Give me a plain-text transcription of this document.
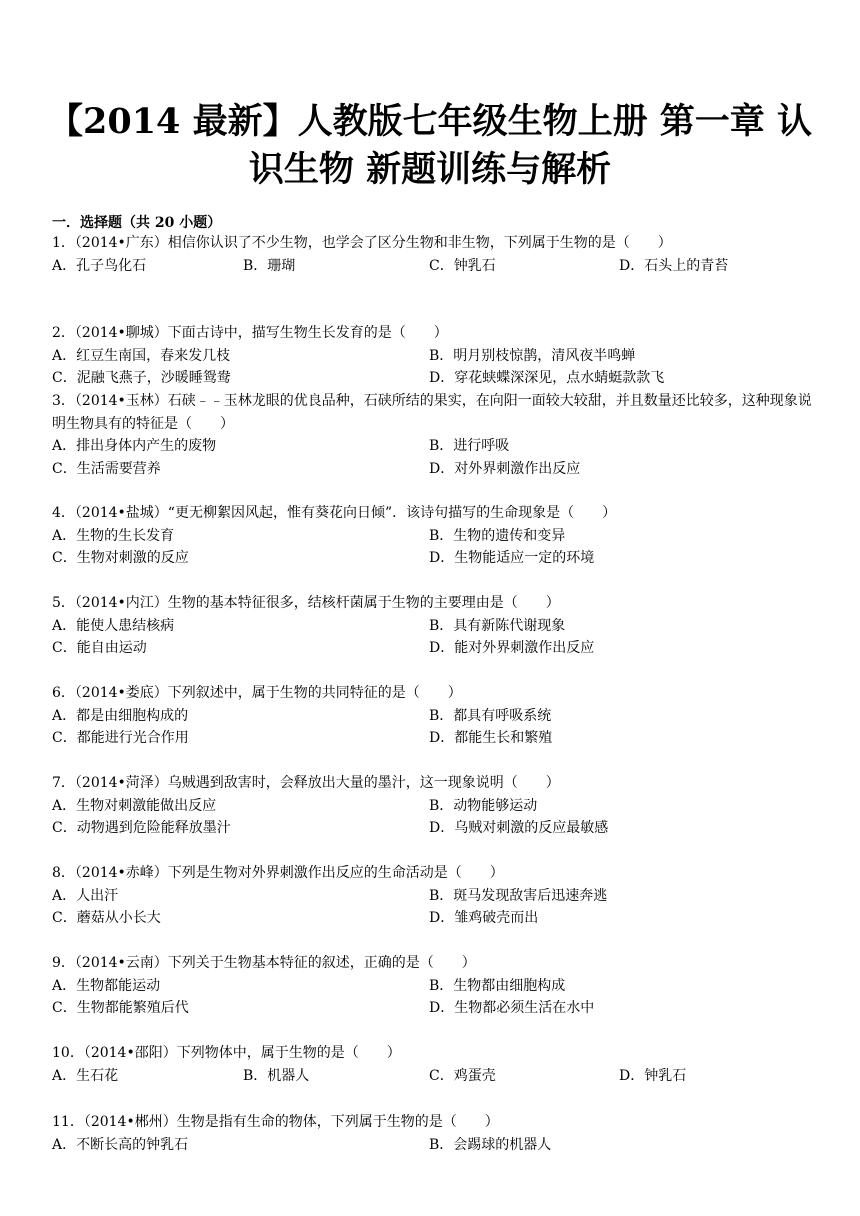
【2014 最新】人教版七年级生物上册 第一章 认
识生物 新题训练与解析
一．选择题（共 20 小题）
1．（2014•广东）相信你认识了不少生物，也学会了区分生物和非生物，下列属于生物的是（　　）
A．孔子鸟化石	B．珊瑚	C．钟乳石	D．石头上的青苔
2．（2014•聊城）下面古诗中，描写生物生长发育的是（　　）
A．红豆生南国，春来发几枝	B．明月别枝惊鹊，清风夜半鸣蝉
C．泥融飞燕子，沙暖睡鸳鸯	D．穿花蛱蝶深深见，点水蜻蜓款款飞
3．（2014•玉林）石硖﹣﹣玉林龙眼的优良品种，石硖所结的果实，在向阳一面较大较甜，并且数量还比较多，这种现象说明生物具有的特征是（　　）
A．排出身体内产生的废物	B．进行呼吸
C．生活需要营养	D．对外界刺激作出反应
4．（2014•盐城）“更无柳絮因风起，惟有葵花向日倾”．该诗句描写的生命现象是（　　）
A．生物的生长发育	B．生物的遗传和变异
C．生物对刺激的反应	D．生物能适应一定的环境
5．（2014•内江）生物的基本特征很多，结核杆菌属于生物的主要理由是（　　）
A．能使人患结核病	B．具有新陈代谢现象
C．能自由运动	D．能对外界刺激作出反应
6．（2014•娄底）下列叙述中，属于生物的共同特征的是（　　）
A．都是由细胞构成的	B．都具有呼吸系统
C．都能进行光合作用	D．都能生长和繁殖
7．（2014•菏泽）乌贼遇到敌害时，会释放出大量的墨汁，这一现象说明（　　）
A．生物对刺激能做出反应	B．动物能够运动
C．动物遇到危险能释放墨汁	D．乌贼对刺激的反应最敏感
8．（2014•赤峰）下列是生物对外界刺激作出反应的生命活动是（　　）
A．人出汗	B．斑马发现敌害后迅速奔逃
C．蘑菇从小长大	D．雏鸡破壳而出
9．（2014•云南）下列关于生物基本特征的叙述，正确的是（　　）
A．生物都能运动	B．生物都由细胞构成
C．生物都能繁殖后代	D．生物都必须生活在水中
10．（2014•邵阳）下列物体中，属于生物的是（　　）
A．生石花	B．机器人	C．鸡蛋壳	D．钟乳石
11．（2014•郴州）生物是指有生命的物体，下列属于生物的是（　　）
A．不断长高的钟乳石	B．会踢球的机器人
